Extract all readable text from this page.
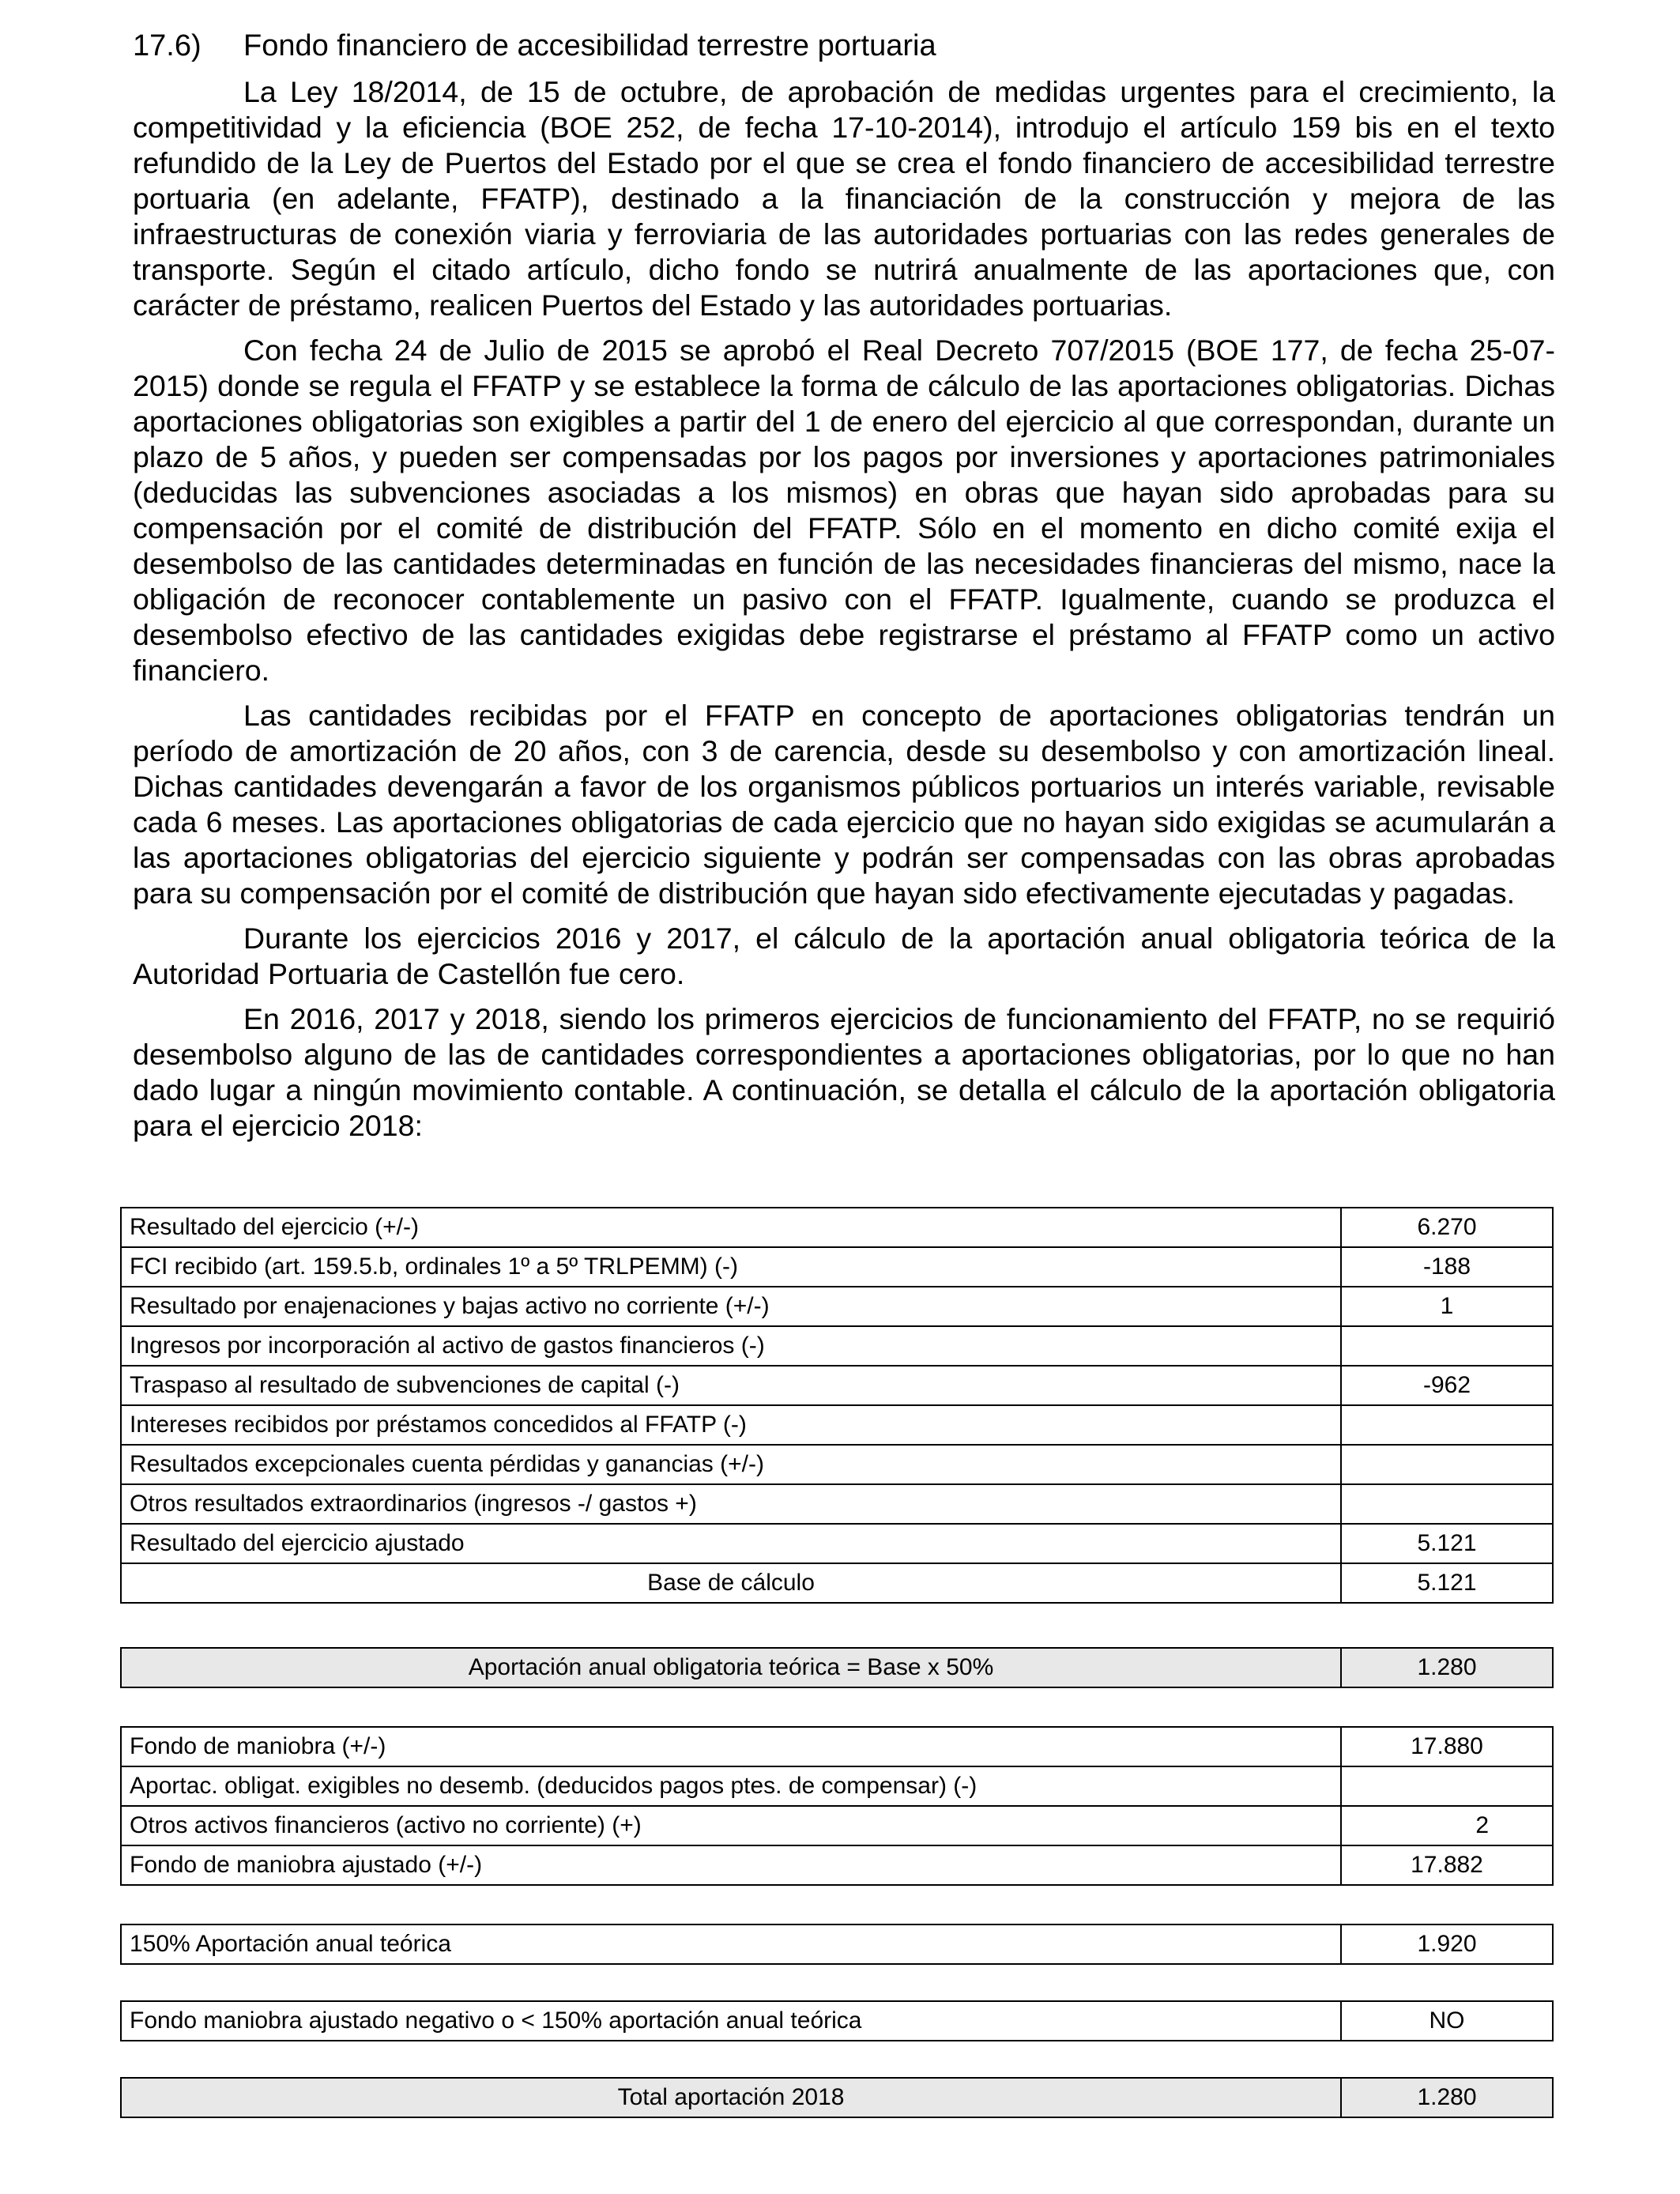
17.6)	Fondo financiero de accesibilidad terrestre portuaria

La Ley 18/2014, de 15 de octubre, de aprobación de medidas urgentes para el crecimiento, la competitividad y la eficiencia (BOE 252, de fecha 17-10-2014), introdujo el artículo 159 bis en el texto refundido de la Ley de Puertos del Estado por el que se crea el fondo financiero de accesibilidad terrestre portuaria (en adelante, FFATP), destinado a la financiación de la construcción y mejora de las infraestructuras de conexión viaria y ferroviaria de las autoridades portuarias con las redes generales de transporte. Según el citado artículo, dicho fondo se nutrirá anualmente de las aportaciones que, con carácter de préstamo, realicen Puertos del Estado y las autoridades portuarias.

Con fecha 24 de Julio de 2015 se aprobó el Real Decreto 707/2015 (BOE 177, de fecha 25-07-2015) donde se regula el FFATP y se establece la forma de cálculo de las aportaciones obligatorias. Dichas aportaciones obligatorias son exigibles a partir del 1 de enero del ejercicio al que correspondan, durante un plazo de 5 años, y pueden ser compensadas por los pagos por inversiones y aportaciones patrimoniales (deducidas las subvenciones asociadas a los mismos) en obras que hayan sido aprobadas para su compensación por el comité de distribución del FFATP. Sólo en el momento en dicho comité exija el desembolso de las cantidades determinadas en función de las necesidades financieras del mismo, nace la obligación de reconocer contablemente un pasivo con el FFATP. Igualmente, cuando se produzca el desembolso efectivo de las cantidades exigidas debe registrarse el préstamo al FFATP como un activo financiero.

Las cantidades recibidas por el FFATP en concepto de aportaciones obligatorias tendrán un período de amortización de 20 años, con 3 de carencia, desde su desembolso y con amortización lineal. Dichas cantidades devengarán a favor de los organismos públicos portuarios un interés variable, revisable cada 6 meses. Las aportaciones obligatorias de cada ejercicio que no hayan sido exigidas se acumularán a las aportaciones obligatorias del ejercicio siguiente y podrán ser compensadas con las obras aprobadas para su compensación por el comité de distribución que hayan sido efectivamente ejecutadas y pagadas.

Durante los ejercicios 2016 y 2017, el cálculo de la aportación anual obligatoria teórica de la Autoridad Portuaria de Castellón fue cero.

En 2016, 2017 y 2018, siendo los primeros ejercicios de funcionamiento del FFATP, no se requirió desembolso alguno de las de cantidades correspondientes a aportaciones obligatorias, por lo que no han dado lugar a ningún movimiento contable. A continuación, se detalla el cálculo de la aportación obligatoria para el ejercicio 2018:

Resultado del ejercicio (+/-)	6.270
FCI recibido (art. 159.5.b, ordinales 1º a 5º TRLPEMM) (-)	-188
Resultado por enajenaciones y bajas activo no corriente (+/-)	1
Ingresos por incorporación al activo de gastos financieros (-)	
Traspaso al resultado de subvenciones de capital (-)	-962
Intereses recibidos por préstamos concedidos al FFATP (-)	
Resultados excepcionales cuenta pérdidas y ganancias (+/-)	
Otros resultados extraordinarios (ingresos -/ gastos +)	
Resultado del ejercicio ajustado	5.121
Base de cálculo	5.121
Aportación anual obligatoria teórica = Base x 50%	1.280
Fondo de maniobra (+/-)	17.880
Aportac. obligat. exigibles no desemb. (deducidos pagos ptes. de compensar) (-)	
Otros activos financieros (activo no corriente) (+)	2
Fondo de maniobra ajustado (+/-)	17.882
150% Aportación anual teórica	1.920
Fondo maniobra ajustado negativo o < 150% aportación anual teórica	NO
Total aportación 2018	1.280
